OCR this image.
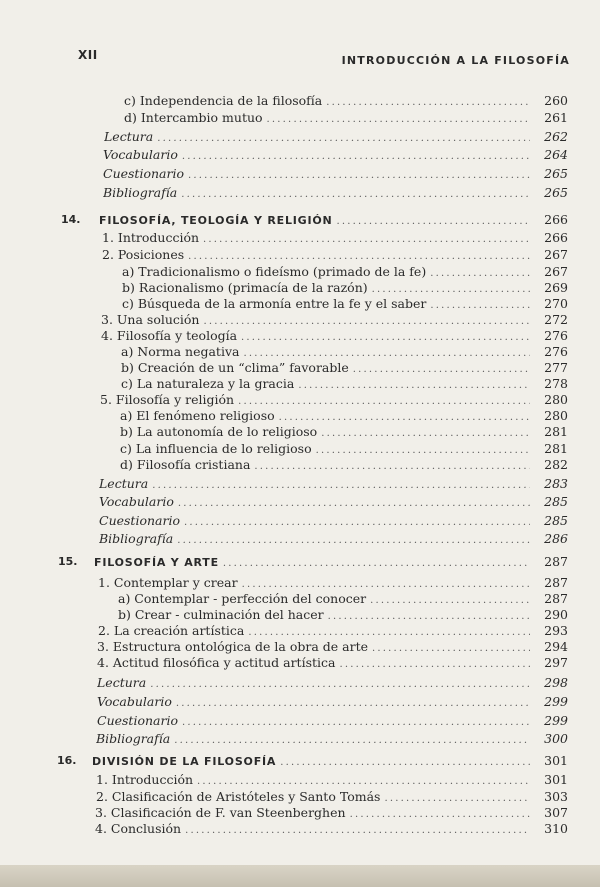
XII	INTRODUCCIÓN A LA FILOSOFÍA
c) Independencia de la filosofía .....	260
d) Intercambio mutuo .....	261
Lectura .....	262
Vocabulario .....	264
Cuestionario .....	265
Bibliografía .....	265
14. FILOSOFÍA, TEOLOGÍA Y RELIGIÓN .....	266
1. Introducción .....	266
2. Posiciones .....	267
a) Tradicionalismo o fideísmo (primado de la fe) .....	267
b) Racionalismo (primacía de la razón) .....	269
c) Búsqueda de la armonía entre la fe y el saber .....	270
3. Una solución .....	272
4. Filosofía y teología .....	276
a) Norma negativa .....	276
b) Creación de un “clima” favorable .....	277
c) La naturaleza y la gracia .....	278
5. Filosofía y religión .....	280
a) El fenómeno religioso .....	280
b) La autonomía de lo religioso .....	281
c) La influencia de lo religioso .....	281
d) Filosofía cristiana .....	282
Lectura .....	283
Vocabulario .....	285
Cuestionario .....	285
Bibliografía .....	286
15. FILOSOFÍA Y ARTE .....	287
1. Contemplar y crear .....	287
a) Contemplar - perfección del conocer .....	287
b) Crear - culminación del hacer .....	290
2. La creación artística .....	293
3. Estructura ontológica de la obra de arte .....	294
4. Actitud filosófica y actitud artística .....	297
Lectura .....	298
Vocabulario .....	299
Cuestionario .....	299
Bibliografía .....	300
16. DIVISIÓN DE LA FILOSOFÍA .....	301
1. Introducción .....	301
2. Clasificación de Aristóteles y Santo Tomás .....	303
3. Clasificación de F. van Steenberghen .....	307
4. Conclusión .....	310
